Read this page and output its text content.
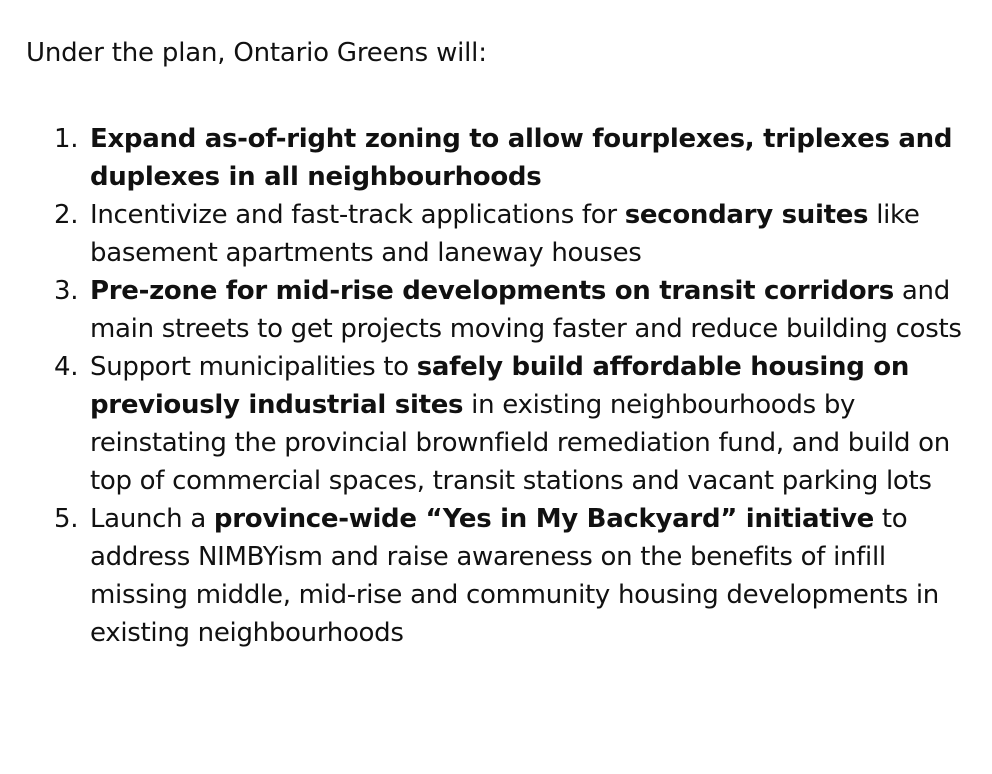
Under the plan, Ontario Greens will:

1. Expand as-of-right zoning to allow fourplexes, triplexes and duplexes in all neighbourhoods
2. Incentivize and fast-track applications for secondary suites like basement apartments and laneway houses
3. Pre-zone for mid-rise developments on transit corridors and main streets to get projects moving faster and reduce building costs
4. Support municipalities to safely build affordable housing on previously industrial sites in existing neighbourhoods by reinstating the provincial brownfield remediation fund, and build on top of commercial spaces, transit stations and vacant parking lots
5. Launch a province-wide “Yes in My Backyard” initiative to address NIMBYism and raise awareness on the benefits of infill missing middle, mid-rise and community housing developments in existing neighbourhoods
